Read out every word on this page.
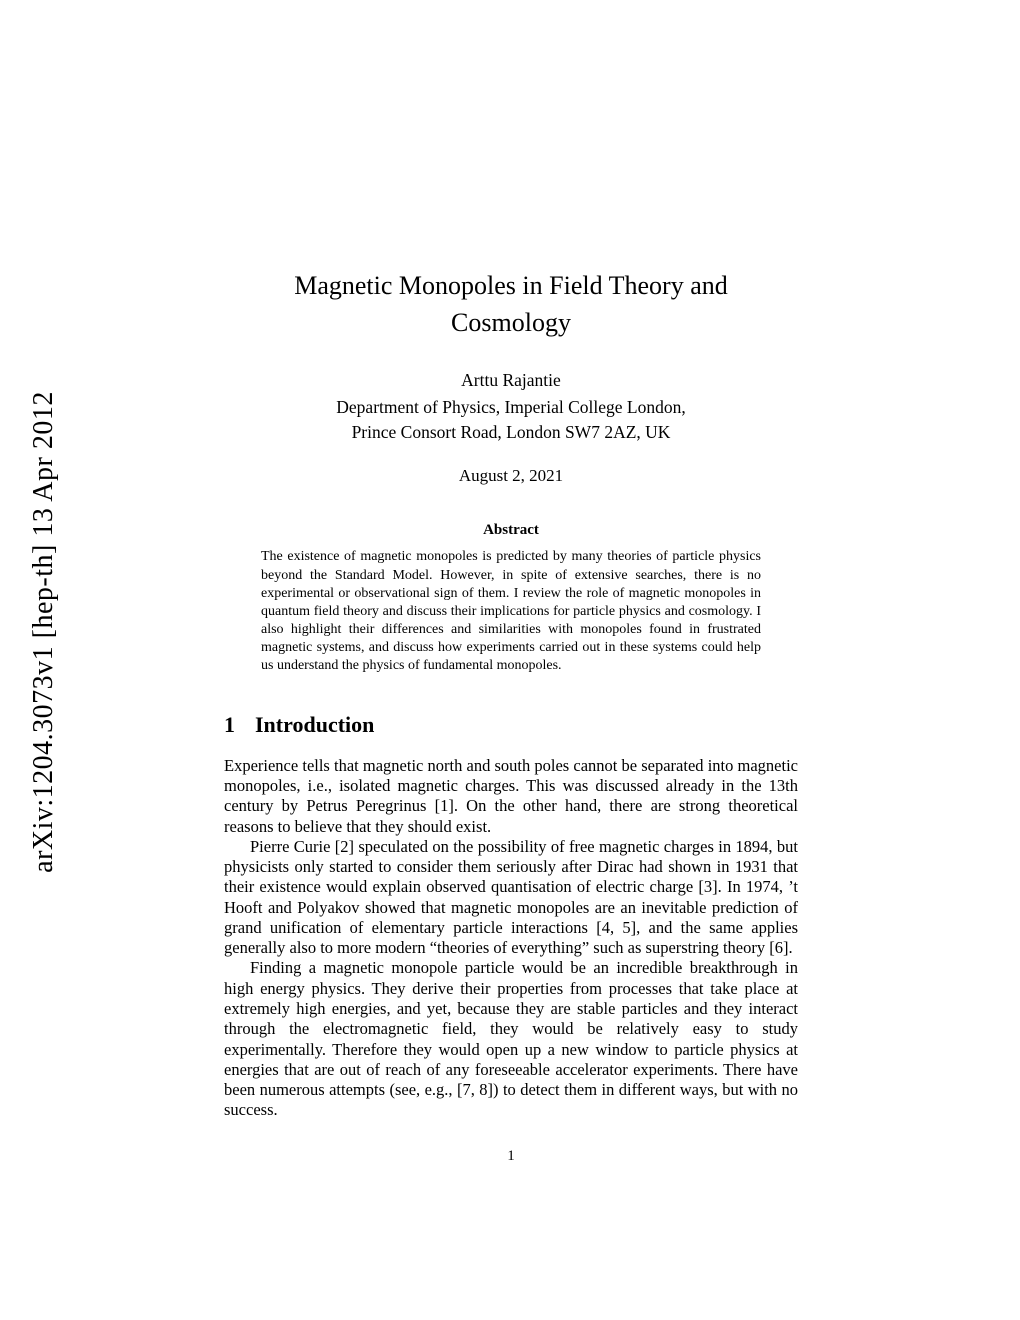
arXiv:1204.3073v1 [hep-th] 13 Apr 2012
Magnetic Monopoles in Field Theory and
Cosmology
Arttu Rajantie
Department of Physics, Imperial College London,
Prince Consort Road, London SW7 2AZ, UK
August 2, 2021
Abstract
The existence of magnetic monopoles is predicted by many theories of particle physics beyond the Standard Model. However, in spite of extensive searches, there is no experimental or observational sign of them. I review the role of magnetic monopoles in quantum field theory and discuss their implications for particle physics and cosmology. I also highlight their differences and similarities with monopoles found in frustrated magnetic systems, and discuss how experiments carried out in these systems could help us understand the physics of fundamental monopoles.
1 Introduction

Experience tells that magnetic north and south poles cannot be separated into magnetic monopoles, i.e., isolated magnetic charges. This was discussed already in the 13th century by Petrus Peregrinus [1]. On the other hand, there are strong theoretical reasons to believe that they should exist.

Pierre Curie [2] speculated on the possibility of free magnetic charges in 1894, but physicists only started to consider them seriously after Dirac had shown in 1931 that their existence would explain observed quantisation of electric charge [3]. In 1974, ’t Hooft and Polyakov showed that magnetic monopoles are an inevitable prediction of grand unification of elementary particle interactions [4, 5], and the same applies generally also to more modern “theories of everything” such as superstring theory [6].

Finding a magnetic monopole particle would be an incredible breakthrough in high energy physics. They derive their properties from processes that take place at extremely high energies, and yet, because they are stable particles and they interact through the electromagnetic field, they would be relatively easy to study experimentally. Therefore they would open up a new window to particle physics at energies that are out of reach of any foreseeable accelerator experiments. There have been numerous attempts (see, e.g., [7, 8]) to detect them in different ways, but with no success.

1
